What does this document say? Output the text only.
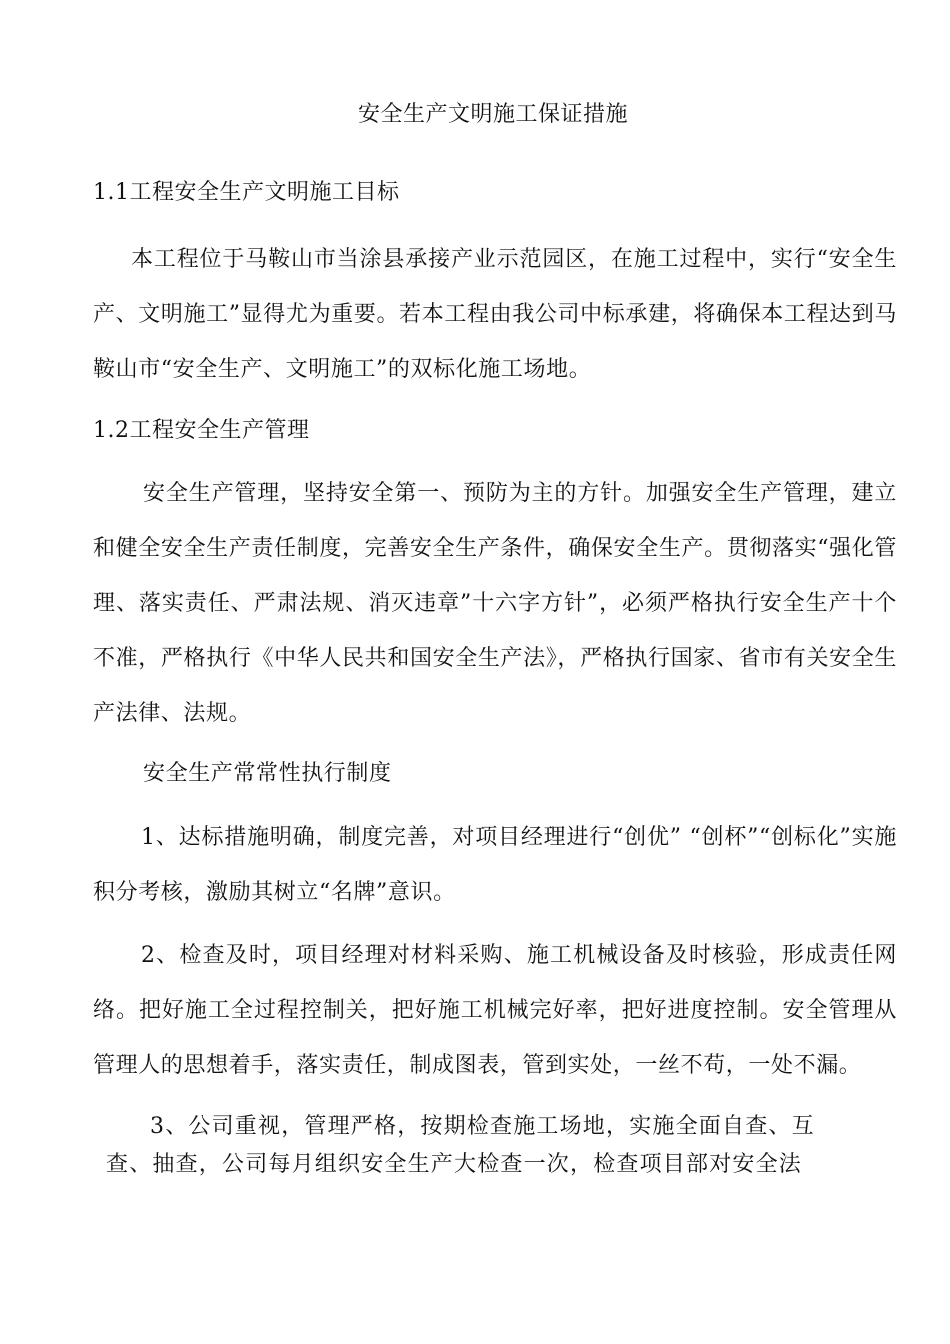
安全生产文明施工保证措施
1.1工程安全生产文明施工目标
本工程位于马鞍山市当涂县承接产业示范园区，在施工过程中，实行“安全生产、文明施工”显得尤为重要。若本工程由我公司中标承建，将确保本工程达到马鞍山市“安全生产、文明施工”的双标化施工场地。
1.2工程安全生产管理
安全生产管理，坚持安全第一、预防为主的方针。加强安全生产管理，建立和健全安全生产责任制度，完善安全生产条件，确保安全生产。贯彻落实“强化管理、落实责任、严肃法规、消灭违章”十六字方针”，必须严格执行安全生产十个不准，严格执行《中华人民共和国安全生产法》，严格执行国家、省市有关安全生产法律、法规。
安全生产常常性执行制度
1、达标措施明确，制度完善，对项目经理进行“创优” “创杯”“创标化”实施积分考核，激励其树立“名牌”意识。
2、检查及时，项目经理对材料采购、施工机械设备及时核验，形成责任网络。把好施工全过程控制关，把好施工机械完好率，把好进度控制。安全管理从管理人的思想着手，落实责任，制成图表，管到实处，一丝不苟，一处不漏。
3、公司重视，管理严格，按期检查施工场地，实施全面自查、互
查、抽查，公司每月组织安全生产大检查一次，检查项目部对安全法
